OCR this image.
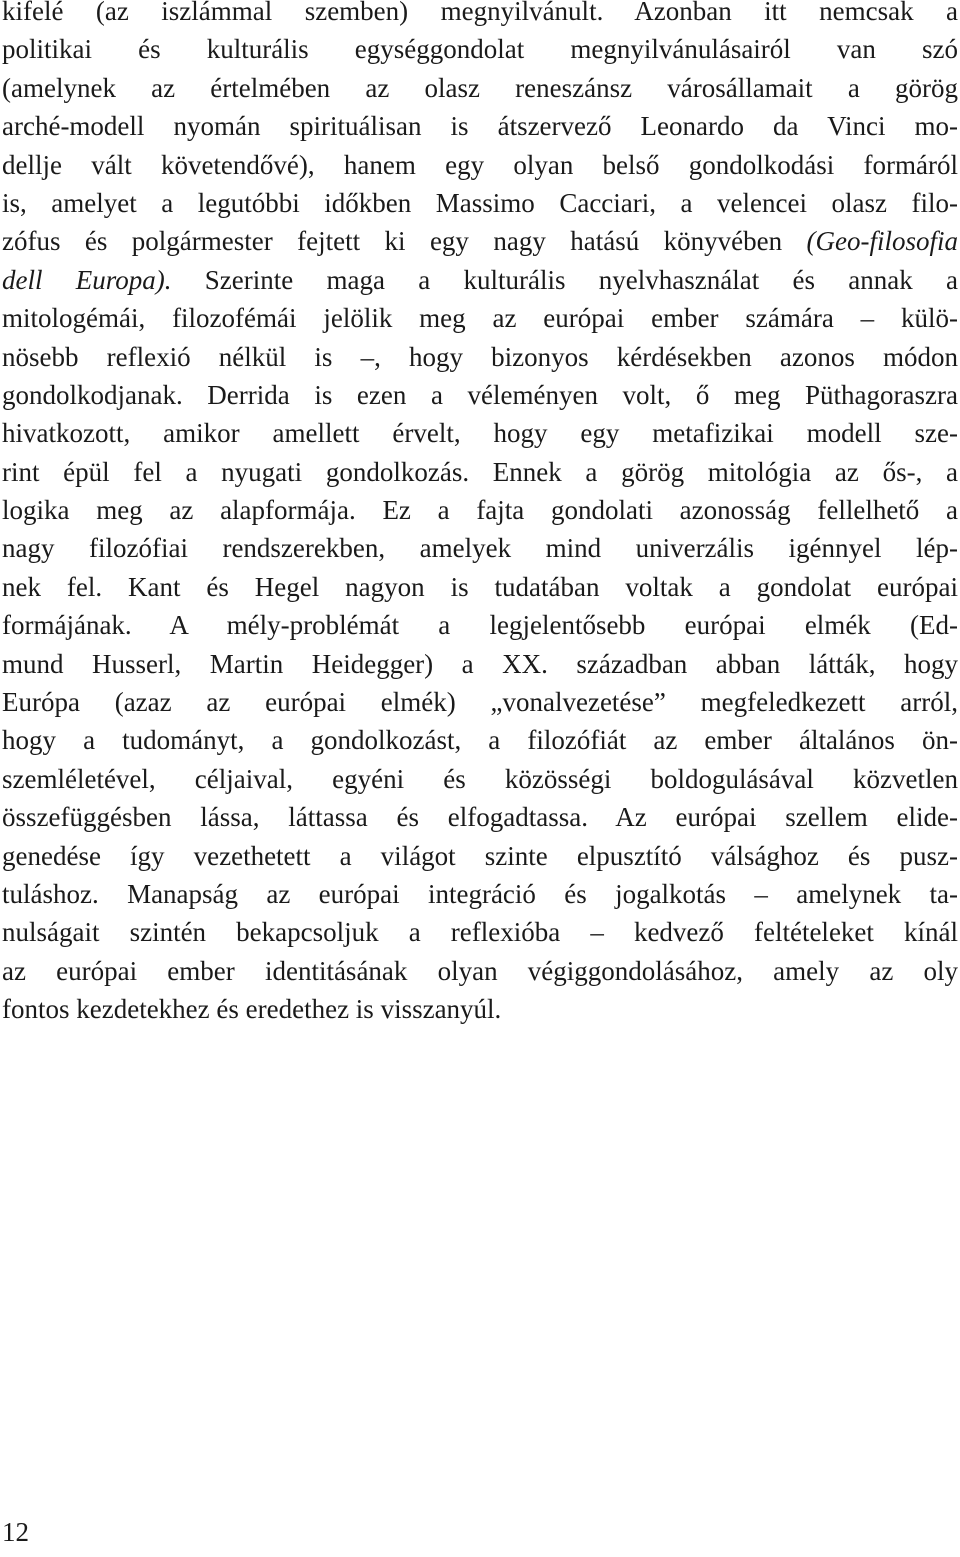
kifelé (az iszlámmal szemben) megnyilvánult. Azonban itt nemcsak a
politikai és kulturális egységgondolat megnyilvánulásairól van szó
(amelynek az értelmében az olasz reneszánsz városállamait a görög
arché-modell nyomán spirituálisan is átszervező Leonardo da Vinci mo-
dellje vált követendővé), hanem egy olyan belső gondolkodási formáról
is, amelyet a legutóbbi időkben Massimo Cacciari, a velencei olasz filo-
zófus és polgármester fejtett ki egy nagy hatású könyvében (Geo-filosofia
dell Europa). Szerinte maga a kulturális nyelvhasználat és annak a
mitologémái, filozofémái jelölik meg az európai ember számára – külö-
nösebb reflexió nélkül is –, hogy bizonyos kérdésekben azonos módon
gondolkodjanak. Derrida is ezen a véleményen volt, ő meg Püthagoraszra
hivatkozott, amikor amellett érvelt, hogy egy metafizikai modell sze-
rint épül fel a nyugati gondolkozás. Ennek a görög mitológia az ős-, a
logika meg az alapformája. Ez a fajta gondolati azonosság fellelhető a
nagy filozófiai rendszerekben, amelyek mind univerzális igénnyel lép-
nek fel. Kant és Hegel nagyon is tudatában voltak a gondolat európai
formájának. A mély-problémát a legjelentősebb európai elmék (Ed-
mund Husserl, Martin Heidegger) a XX. században abban látták, hogy
Európa (azaz az európai elmék) „vonalvezetése” megfeledkezett arról,
hogy a tudományt, a gondolkozást, a filozófiát az ember általános ön-
szemléletével, céljaival, egyéni és közösségi boldogulásával közvetlen
összefüggésben lássa, láttassa és elfogadtassa. Az európai szellem elide-
genedése így vezethetett a világot szinte elpusztító válsághoz és pusz-
tuláshoz. Manapság az európai integráció és jogalkotás – amelynek ta-
nulságait szintén bekapcsoljuk a reflexióba – kedvező feltételeket kínál
az európai ember identitásának olyan végiggondolásához, amely az oly
fontos kezdetekhez és eredethez is visszanyúl.
12
